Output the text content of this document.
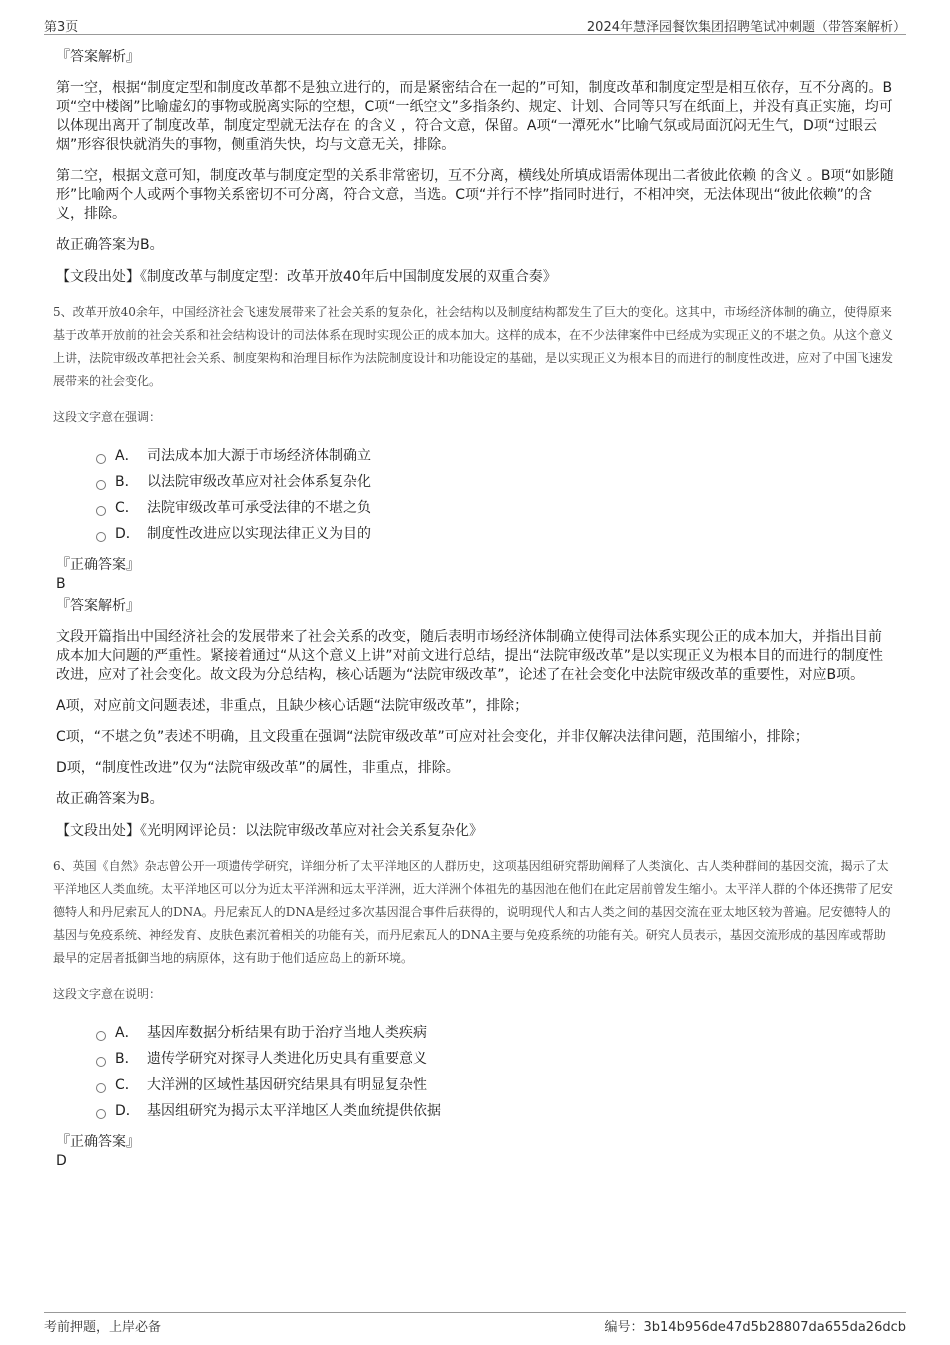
第3页	2024年慧泽园餐饮集团招聘笔试冲刺题（带答案解析）
『答案解析』

第一空，根据“制度定型和制度改革都不是独立进行的，而是紧密结合在一起的”可知，制度改革和制度定型是相互依存，互不分离的。B项“空中楼阁”比喻虚幻的事物或脱离实际的空想，C项“一纸空文”多指条约、规定、计划、合同等只写在纸面上，并没有真正实施，均可以体现出离开了制度改革，制度定型就无法存在 的含义 ，符合文意，保留。A项“一潭死水”比喻气氛或局面沉闷无生气，D项“过眼云烟”形容很快就消失的事物，侧重消失快，均与文意无关，排除。

第二空，根据文意可知，制度改革与制度定型的关系非常密切，互不分离，横线处所填成语需体现出二者彼此依赖 的含义 。B项“如影随形”比喻两个人或两个事物关系密切不可分离，符合文意，当选。C项“并行不悖”指同时进行，不相冲突，无法体现出“彼此依赖”的含义，排除。

故正确答案为B。

【文段出处】《制度改革与制度定型：改革开放40年后中国制度发展的双重合奏》

5、改革开放40余年，中国经济社会飞速发展带来了社会关系的复杂化，社会结构以及制度结构都发生了巨大的变化。这其中，市场经济体制的确立，使得原来基于改革开放前的社会关系和社会结构设计的司法体系在现时实现公正的成本加大。这样的成本，在不少法律案件中已经成为实现正义的不堪之负。从这个意义上讲，法院审级改革把社会关系、制度架构和治理目标作为法院制度设计和功能设定的基础，是以实现正义为根本目的而进行的制度性改进，应对了中国飞速发展带来的社会变化。

这段文字意在强调：

A． 司法成本加大源于市场经济体制确立
B． 以法院审级改革应对社会体系复杂化
C． 法院审级改革可承受法律的不堪之负
D． 制度性改进应以实现法律正义为目的
『正确答案』

B

『答案解析』

文段开篇指出中国经济社会的发展带来了社会关系的改变，随后表明市场经济体制确立使得司法体系实现公正的成本加大，并指出目前成本加大问题的严重性。紧接着通过“从这个意义上讲”对前文进行总结，提出“法院审级改革”是以实现正义为根本目的而进行的制度性改进，应对了社会变化。故文段为分总结构，核心话题为“法院审级改革”，论述了在社会变化中法院审级改革的重要性，对应B项。

A项，对应前文问题表述，非重点，且缺少核心话题“法院审级改革”，排除；

C项，“不堪之负”表述不明确，且文段重在强调“法院审级改革”可应对社会变化，并非仅解决法律问题，范围缩小，排除；

D项，“制度性改进”仅为“法院审级改革”的属性，非重点，排除。

故正确答案为B。

【文段出处】《光明网评论员：以法院审级改革应对社会关系复杂化》

6、英国《自然》杂志曾公开一项遗传学研究，详细分析了太平洋地区的人群历史，这项基因组研究帮助阐释了人类演化、古人类种群间的基因交流，揭示了太平洋地区人类血统。太平洋地区可以分为近太平洋洲和远太平洋洲，近大洋洲个体祖先的基因池在他们在此定居前曾发生缩小。太平洋人群的个体还携带了尼安德特人和丹尼索瓦人的DNA。丹尼索瓦人的DNA是经过多次基因混合事件后获得的，说明现代人和古人类之间的基因交流在亚太地区较为普遍。尼安德特人的基因与免疫系统、神经发育、皮肤色素沉着相关的功能有关，而丹尼索瓦人的DNA主要与免疫系统的功能有关。研究人员表示，基因交流形成的基因库或帮助最早的定居者抵御当地的病原体，这有助于他们适应岛上的新环境。

这段文字意在说明：

A． 基因库数据分析结果有助于治疗当地人类疾病
B． 遗传学研究对探寻人类进化历史具有重要意义
C． 大洋洲的区域性基因研究结果具有明显复杂性
D． 基因组研究为揭示太平洋地区人类血统提供依据
『正确答案』

D

考前押题，上岸必备	编号：3b14b956de47d5b28807da655da26dcb
